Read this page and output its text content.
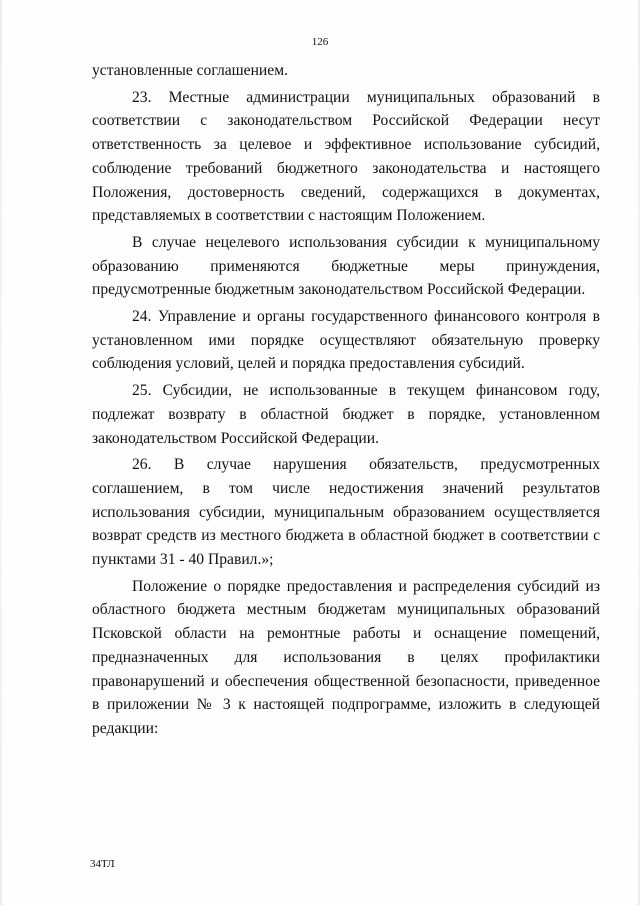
126

установленные соглашением.

23. Местные администрации муниципальных образований в соответствии с законодательством Российской Федерации несут ответственность за целевое и эффективное использование субсидий, соблюдение требований бюджетного законодательства и настоящего Положения, достоверность сведений, содержащихся в документах, представляемых в соответствии с настоящим Положением.

В случае нецелевого использования субсидии к муниципальному образованию применяются бюджетные меры принуждения, предусмотренные бюджетным законодательством Российской Федерации.

24. Управление и органы государственного финансового контроля в установленном ими порядке осуществляют обязательную проверку соблюдения условий, целей и порядка предоставления субсидий.

25. Субсидии, не использованные в текущем финансовом году, подлежат возврату в областной бюджет в порядке, установленном законодательством Российской Федерации.

26. В случае нарушения обязательств, предусмотренных соглашением, в том числе недостижения значений результатов использования субсидии, муниципальным образованием осуществляется возврат средств из местного бюджета в областной бюджет в соответствии с пунктами 31 - 40 Правил.»;

Положение о порядке предоставления и распределения субсидий из областного бюджета местным бюджетам муниципальных образований Псковской области на ремонтные работы и оснащение помещений, предназначенных для использования в целях профилактики правонарушений и обеспечения общественной безопасности, приведенное в приложении № 3 к настоящей подпрограмме, изложить в следующей редакции:

34ТЛ
